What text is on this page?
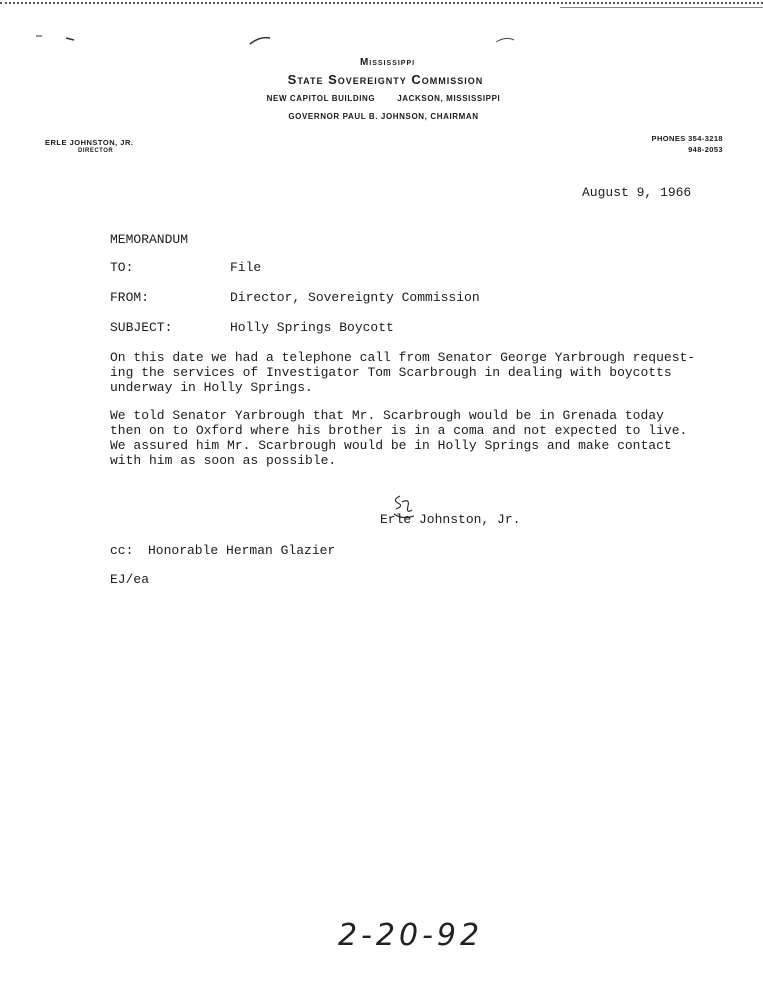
Mississippi
State Sovereignty Commission
NEW CAPITOL BUILDING	JACKSON, MISSISSIPPI
GOVERNOR PAUL B. JOHNSON, CHAIRMAN
ERLE JOHNSTON, JR.
DIRECTOR
PHONES 354-3218
948-2053
August 9, 1966
MEMORANDUM
TO:	File
FROM:	Director, Sovereignty Commission
SUBJECT:	Holly Springs Boycott
On this date we had a telephone call from Senator George Yarbrough request-
ing the services of Investigator Tom Scarbrough in dealing with boycotts
underway in Holly Springs.
We told Senator Yarbrough that Mr. Scarbrough would be in Grenada today
then on to Oxford where his brother is in a coma and not expected to live.
We assured him Mr. Scarbrough would be in Holly Springs and make contact
with him as soon as possible.
Erle Johnston, Jr.
cc: Honorable Herman Glazier
EJ/ea
2-20-92
